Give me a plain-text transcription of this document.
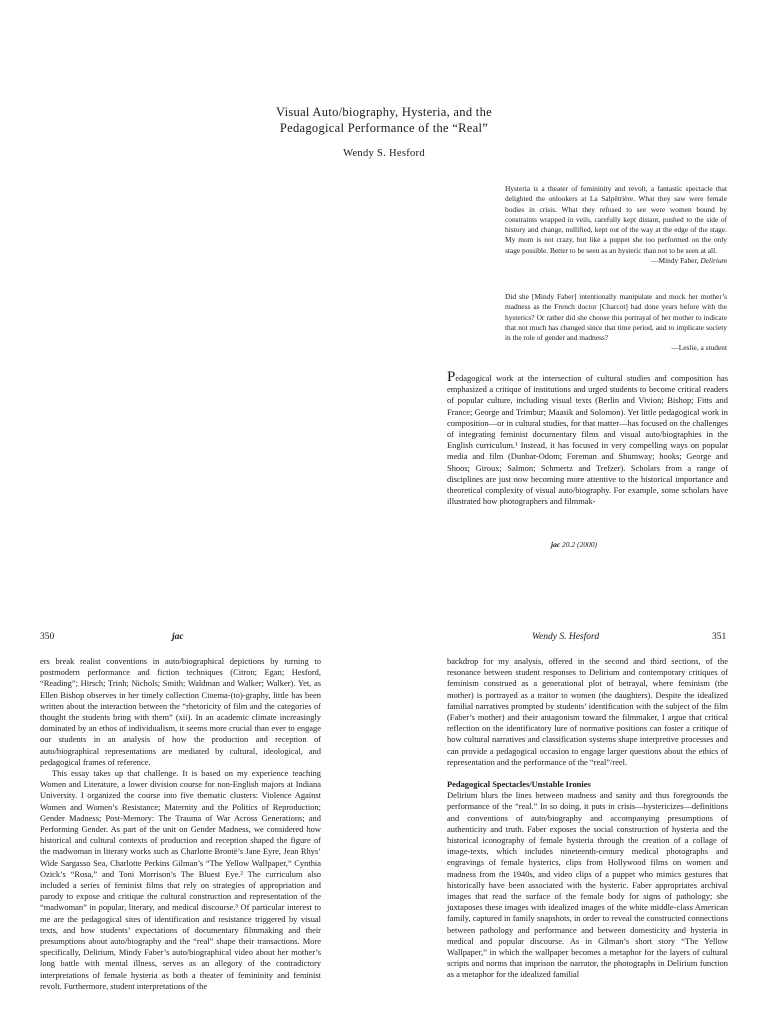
Visual Auto/biography, Hysteria, and the
Pedagogical Performance of the “Real”
Wendy S. Hesford

Hysteria is a theater of femininity and revolt, a fantastic spectacle that delighted the onlookers at La Salpêtrière. What they saw were female bodies in crisis. What they refused to see were women bound by constraints wrapped in veils, carefully kept distant, pushed to the side of history and change, nullified, kept out of the way at the edge of the stage. My mom is not crazy, but like a puppet she too performed on the only stage possible. Better to be seen as an hysteric than not to be seen at all.

—Mindy Faber, Delirium

Did she [Mindy Faber] intentionally manipulate and mock her mother’s madness as the French doctor [Charcot] had done years before with the hysterics? Or rather did she choose this portrayal of her mother to indicate that not much has changed since that time period, and to implicate society in the role of gender and madness?

—Leslie, a student

Pedagogical work at the intersection of cultural studies and composition has emphasized a critique of institutions and urged students to become critical readers of popular culture, including visual texts (Berlin and Vivion; Bishop; Fitts and France; George and Trimbur; Maasik and Solomon). Yet little pedagogical work in composition—or in cultural studies, for that matter—has focused on the challenges of integrating feminist documentary films and visual auto/biographies in the English curriculum.¹ Instead, it has focused in very compelling ways on popular media and film (Dunbar-Odom; Foreman and Shumway; hooks; George and Shoos; Giroux; Salmon; Schmertz and Trefzer). Scholars from a range of disciplines are just now becoming more attentive to the historical importance and theoretical complexity of visual auto/biography. For example, some scholars have illustrated how photographers and filmmak-

jac 20.2 (2000)
350	jac

ers break realist conventions in auto/biographical depictions by turning to postmodern performance and fiction techniques (Citron; Egan; Hesford, “Reading”; Hirsch; Trinh; Nichols; Smith; Waldman and Walker; Walker). Yet, as Ellen Bishop observes in her timely collection Cinema-(to)-graphy, little has been written about the interaction between the “rhetoricity of film and the categories of thought the students bring with them” (xii). In an academic climate increasingly dominated by an ethos of individualism, it seems more crucial than ever to engage our students in an analysis of how the production and reception of auto/biographical representations are mediated by cultural, ideological, and pedagogical frames of reference.

This essay takes up that challenge. It is based on my experience teaching Women and Literature, a lower division course for non-English majors at Indiana University. I organized the course into five thematic clusters: Violence Against Women and Women’s Resistance; Maternity and the Politics of Reproduction; Gender Madness; Post-Memory: The Trauma of War Across Generations; and Performing Gender. As part of the unit on Gender Madness, we considered how historical and cultural contexts of production and reception shaped the figure of the madwoman in literary works such as Charlotte Brontë’s Jane Eyre, Jean Rhys’ Wide Sargasso Sea, Charlotte Perkins Gilman’s “The Yellow Wallpaper,” Cynthia Ozick’s “Rosa,” and Toni Morrison’s The Bluest Eye.² The curriculum also included a series of feminist films that rely on strategies of appropriation and parody to expose and critique the cultural construction and representation of the “madwoman” in popular, literary, and medical discourse.³ Of particular interest to me are the pedagogical sites of identification and resistance triggered by visual texts, and how students’ expectations of documentary filmmaking and their presumptions about auto/biography and the “real” shape their transactions. More specifically, Delirium, Mindy Faber’s auto/biographical video about her mother’s long battle with mental illness, serves as an allegory of the contradictory interpretations of female hysteria as both a theater of femininity and feminist revolt. Furthermore, student interpretations of the

Wendy S. Hesford	351

backdrop for my analysis, offered in the second and third sections, of the resonance between student responses to Delirium and contemporary critiques of feminism construed as a generational plot of betrayal, where feminism (the mother) is portrayed as a traitor to women (the daughters). Despite the idealized familial narratives prompted by students’ identification with the subject of the film (Faber’s mother) and their antagonism toward the filmmaker, I argue that critical reflection on the identificatory lure of normative positions can foster a critique of how cultural narratives and classification systems shape interpretive processes and can provide a pedagogical occasion to engage larger questions about the ethics of representation and the performance of the “real”/reel.

Pedagogical Spectacles/Unstable Ironies

Delirium blurs the lines between madness and sanity and thus foregrounds the performance of the “real.” In so doing, it puts in crisis—hystericizes—definitions and conventions of auto/biography and accompanying presumptions of authenticity and truth. Faber exposes the social construction of hysteria and the historical iconography of female hysteria through the creation of a collage of image-texts, which includes nineteenth-century medical photographs and engravings of female hysterics, clips from Hollywood films on women and madness from the 1940s, and video clips of a puppet who mimics gestures that historically have been associated with the hysteric. Faber appropriates archival images that read the surface of the female body for signs of pathology; she juxtaposes these images with idealized images of the white middle-class American family, captured in family snapshots, in order to reveal the constructed connections between pathology and performance and between domesticity and hysteria in medical and popular discourse. As in Gilman’s short story “The Yellow Wallpaper,” in which the wallpaper becomes a metaphor for the layers of cultural scripts and norms that imprison the narrator, the photographs in Delirium function as a metaphor for the idealized familial
